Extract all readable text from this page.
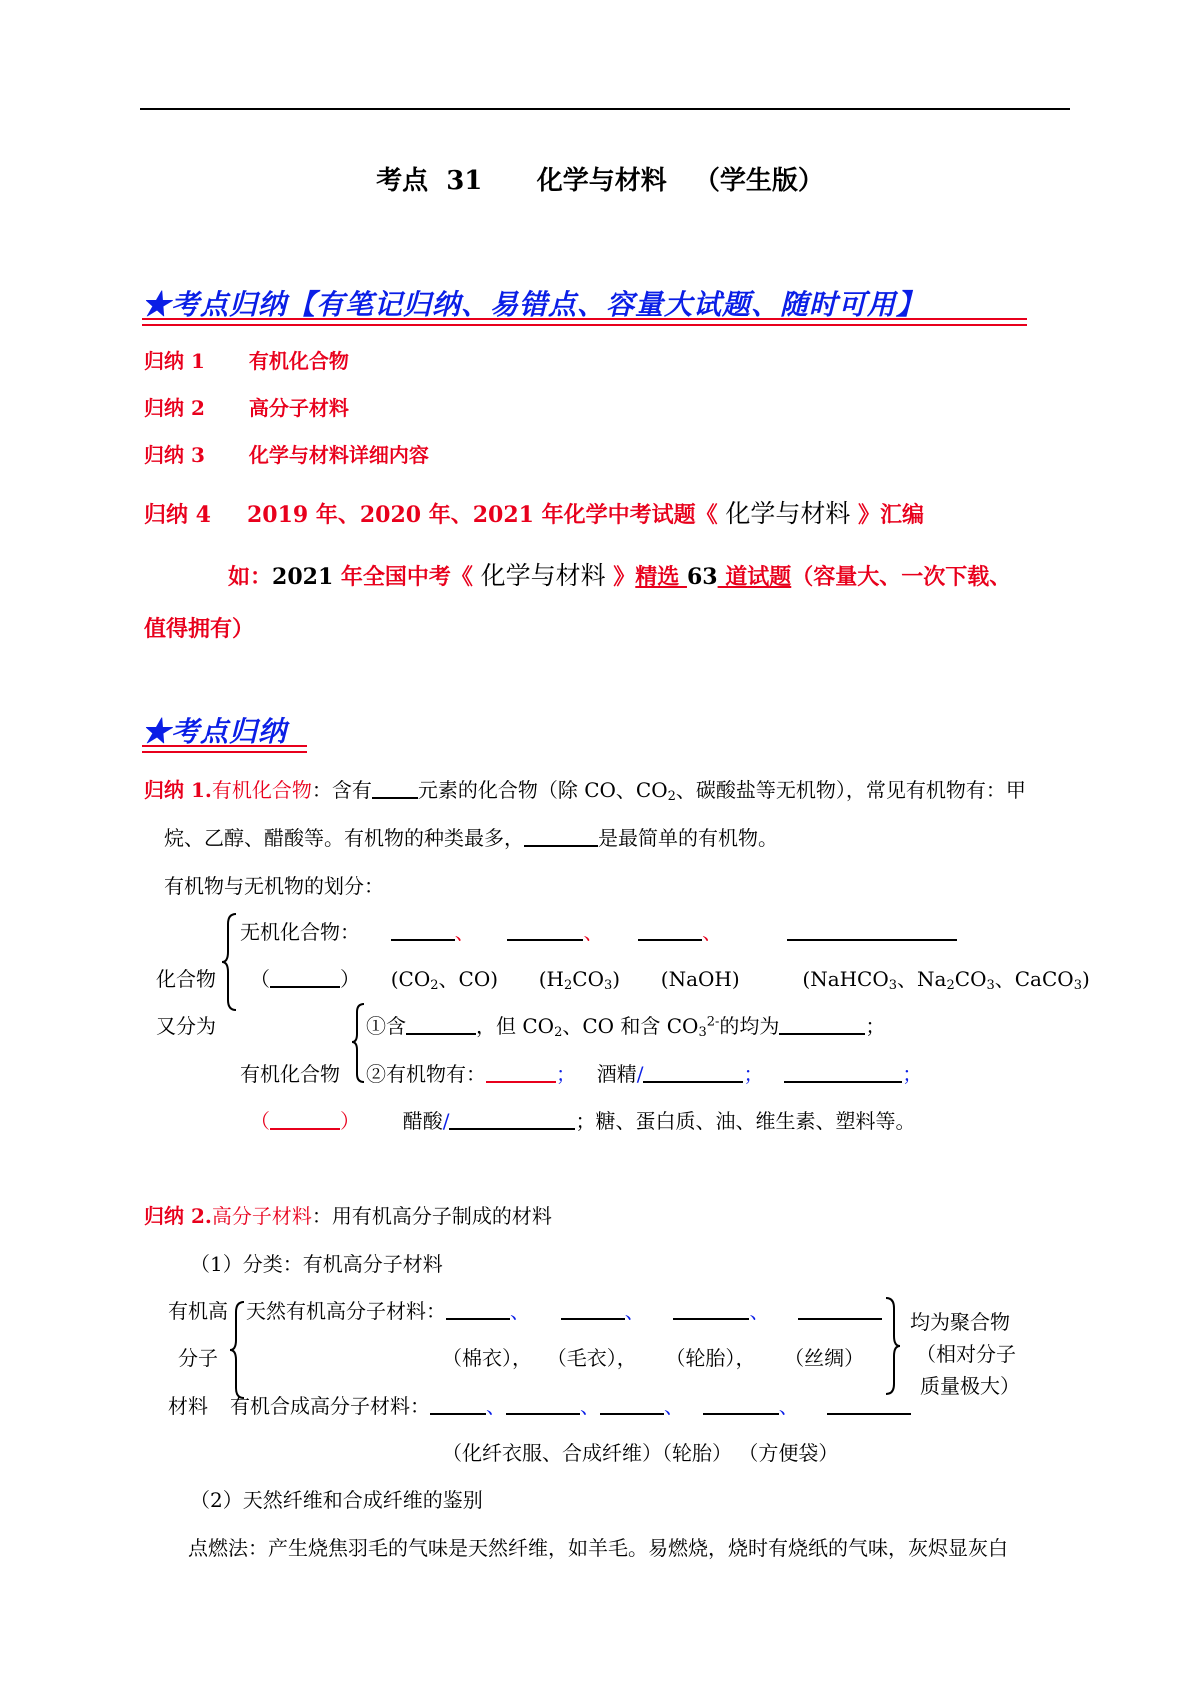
考点 31 化学与材料 （学生版）
★考点归纳【有笔记归纳、易错点、容量大试题、随时可用】
归纳 1 有机化合物
归纳 2 高分子材料
归纳 3 化学与材料详细内容
归纳 4 2019 年、2020 年、2021 年化学中考试题《 化学与材料 》汇编
如：2021 年全国中考《 化学与材料 》精选 63 道试题（容量大、一次下载、
值得拥有）
★考点归纳
归纳 1.有机化合物：含有 元素的化合物（除 CO、$CO_2$、碳酸盐等无机物），常见有机物有：甲
烷、乙醇、醋酸等。有机物的种类最多，	是最简单的有机物。
有机物与无机物的划分：
无机化合物：	、	、	、
化合物 （	） ($CO_2$、CO) $(H_2CO_3)$ (NaOH)	(NaHCO$_3$、$Na_2CO_3$、CaCO$_3$)
又分为	①含	，但 $CO_2$、CO 和含 $CO_3^{2-}$的均为	；
有机化合物 ②有机物有：	； 酒精/	；	；
（	） 醋酸/	；糖、蛋白质、油、维生素、塑料等。
归纳 2.高分子材料：用有机高分子制成的材料
（1）分类：有机高分子材料
有机高
分子
材料
天然有机高分子材料：	、	、	、
（棉衣）， （毛衣）， （轮胎）， （丝绸）
有机合成高分子材料：	、	、	、	、
（化纤衣服、合成纤维）（轮胎） （方便袋）
均为聚合物
（相对分子
质量极大）
（2）天然纤维和合成纤维的鉴别
点燃法：产生烧焦羽毛的气味是天然纤维，如羊毛。易燃烧，烧时有烧纸的气味，灰烬显灰白
